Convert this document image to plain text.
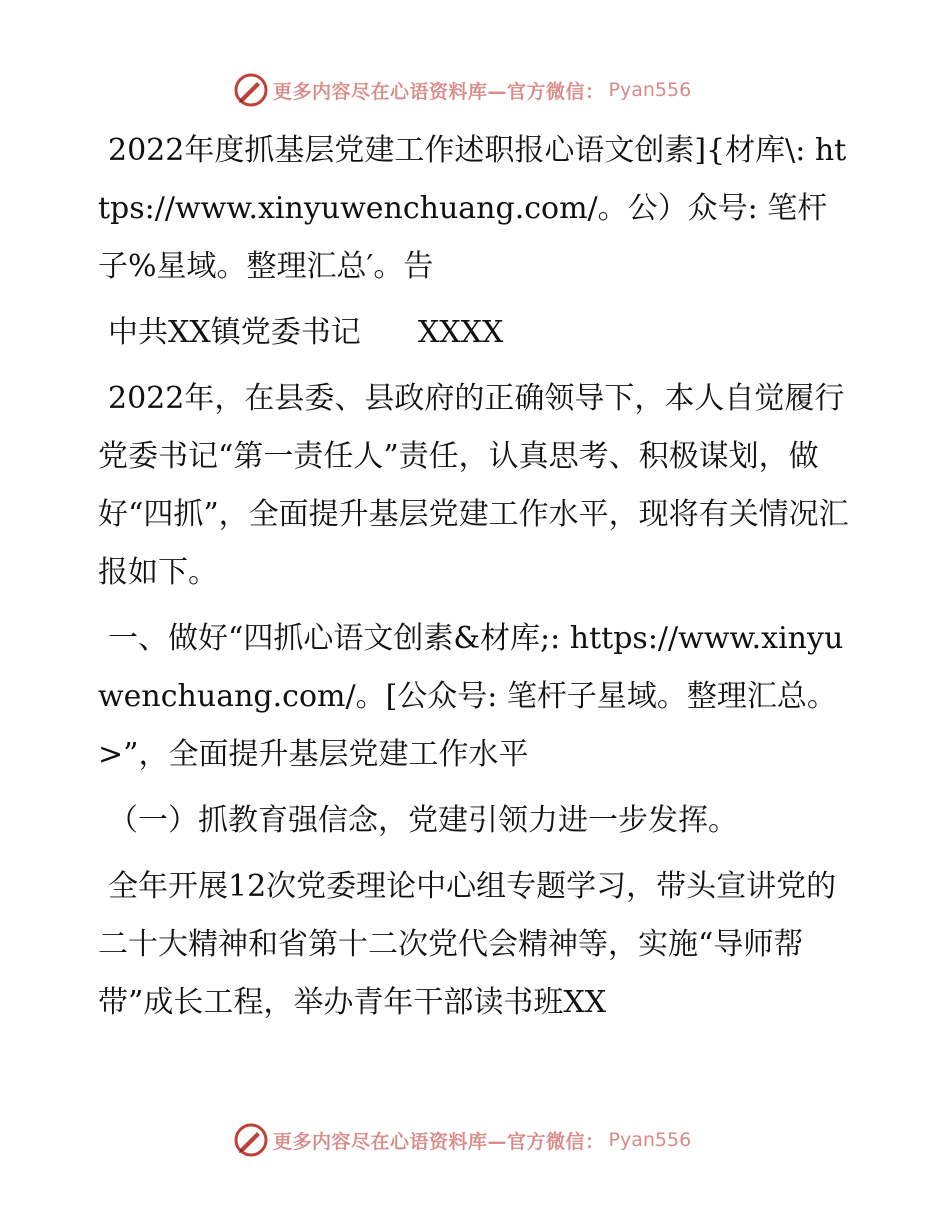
更多内容尽在心语资料库—官方微信： Pyan556

2022年度抓基层党建工作述职报心语文创素]{材库\: https://www.xinyuwenchuang.com/。公）众号: 笔杆子%星域。整理汇总′。告

中共XX镇党委书记      XXXX

2022年，在县委、县政府的正确领导下，本人自觉履行党委书记“第一责任人”责任，认真思考、积极谋划，做好“四抓”，全面提升基层党建工作水平，现将有关情况汇报如下。

一、做好“四抓心语文创素&材库;: https://www.xinyuwenchuang.com/。[公众号: 笔杆子星域。整理汇总。>”，全面提升基层党建工作水平

（一）抓教育强信念，党建引领力进一步发挥。

全年开展12次党委理论中心组专题学习，带头宣讲党的二十大精神和省第十二次党代会精神等，实施“导师帮带”成长工程，举办青年干部读书班XX

更多内容尽在心语资料库—官方微信： Pyan556
